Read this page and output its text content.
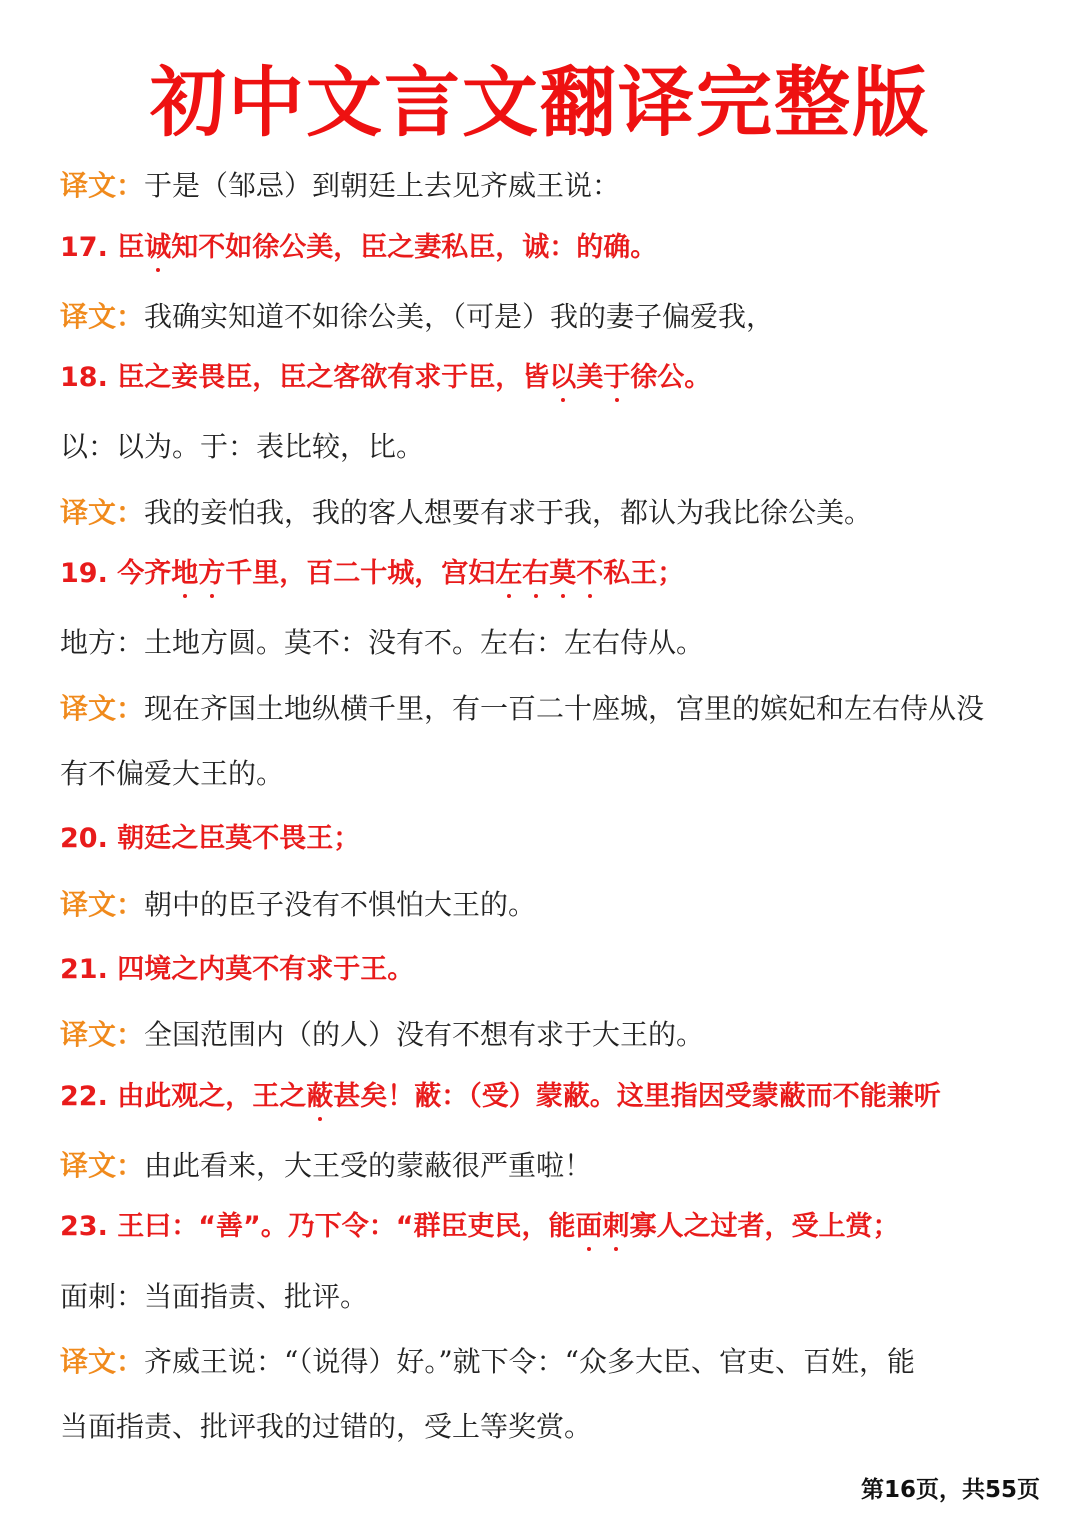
初中文言文翻译完整版
译文：于是（邹忌）到朝廷上去见齐威王说：
17. 臣诚知不如徐公美，臣之妻私臣，诚：的确。
译文：我确实知道不如徐公美，（可是）我的妻子偏爱我，
18. 臣之妾畏臣，臣之客欲有求于臣，皆以美于徐公。
以：以为。于：表比较，比。
译文：我的妾怕我，我的客人想要有求于我，都认为我比徐公美。
19. 今齐地方千里，百二十城，宫妇左右莫不私王；
地方：土地方圆。莫不：没有不。左右：左右侍从。
译文：现在齐国土地纵横千里，有一百二十座城，宫里的嫔妃和左右侍从没
有不偏爱大王的。
20. 朝廷之臣莫不畏王；
译文：朝中的臣子没有不惧怕大王的。
21. 四境之内莫不有求于王。
译文：全国范围内（的人）没有不想有求于大王的。
22. 由此观之，王之蔽甚矣！蔽：（受）蒙蔽。这里指因受蒙蔽而不能兼听
译文：由此看来，大王受的蒙蔽很严重啦！
23. 王曰：“善”。乃下令：“群臣吏民，能面刺寡人之过者，受上赏；
面刺：当面指责、批评。
译文：齐威王说：“（说得）好。”就下令：“众多大臣、官吏、百姓，能
当面指责、批评我的过错的，受上等奖赏。
第16页，共55页
